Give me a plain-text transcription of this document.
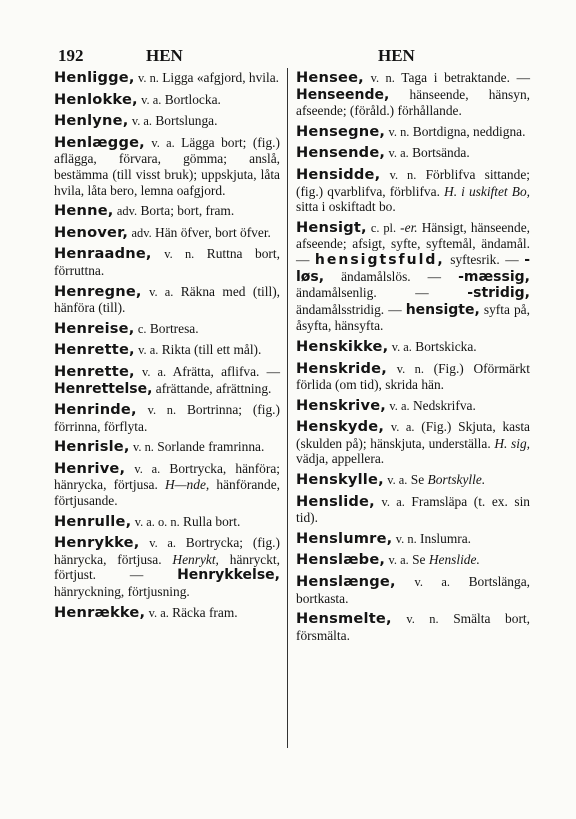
192	HEN	HEN
Henligge, v. n. Ligga «afgjord, hvila.
Henlokke, v. a. Bortlocka.
Henlyne, v. a. Bortslunga.
Henlægge, v. a. Lägga bort; (fig.) aflägga, förvara, gömma; anslå, bestämma (till visst bruk); uppskjuta, låta hvila, låta bero, lemna oafgjord.
Henne, adv. Borta; bort, fram.
Henover, adv. Hän öfver, bort öfver.
Henraadne, v. n. Ruttna bort, förruttna.
Henregne, v. a. Räkna med (till), hänföra (till).
Henreise, c. Bortresa.
Henrette, v. a. Rikta (till ett mål).
Henrette, v. a. Afrätta, aflifva. — Henrettelse, afrättande, afrättning.
Henrinde, v. n. Bortrinna; (fig.) förrinna, förflyta.
Henrisle, v. n. Sorlande framrinna.
Henrive, v. a. Bortrycka, hänföra; hänrycka, förtjusa. H—nde, hänförande, förtjusande.
Henrulle, v. a. o. n. Rulla bort.
Henrykke, v. a. Bortrycka; (fig.) hänrycka, förtjusa. Henrykt, hänryckt, förtjust. — Henrykkelse, hänryckning, förtjusning.
Henrække, v. a. Räcka fram.
Hensee, v. n. Taga i betraktande. — Henseende, hänseende, hänsyn, afseende; (föråld.) förhållande.
Hensegne, v. n. Bortdigna, neddigna.
Hensende, v. a. Bortsända.
Hensidde, v. n. Förblifva sittande; (fig.) qvarblifva, förblifva. H. i uskiftet Bo, sitta i oskiftadt bo.
Hensigt, c. pl. -er. Hänsigt, hänseende, afseende; afsigt, syfte, syftemål, ändamål. — hensigtsfuld, syftesrik. — -løs, ändamålslös. — -mæssig, ändamålsenlig. —	-stridig, ändamålsstridig. — hensigte, syfta på, åsyfta, hänsyfta.
Henskikke, v. a. Bortskicka.
Henskride, v. n. (Fig.) Oförmärkt förlida (om tid), skrida hän.
Henskrive, v. a. Nedskrifva.
Henskyde, v. a. (Fig.) Skjuta, kasta (skulden på); hänskjuta, underställa. H. sig, vädja, appellera.
Henskylle, v. a. Se Bortskylle.
Henslide, v. a. Framsläpa (t. ex. sin tid).
Henslumre, v. n. Inslumra.
Henslæbe, v. a. Se Henslide.
Henslænge, v. a. Bortslänga, bortkasta.
Hensmelte, v. n. Smälta bort, försmälta.
